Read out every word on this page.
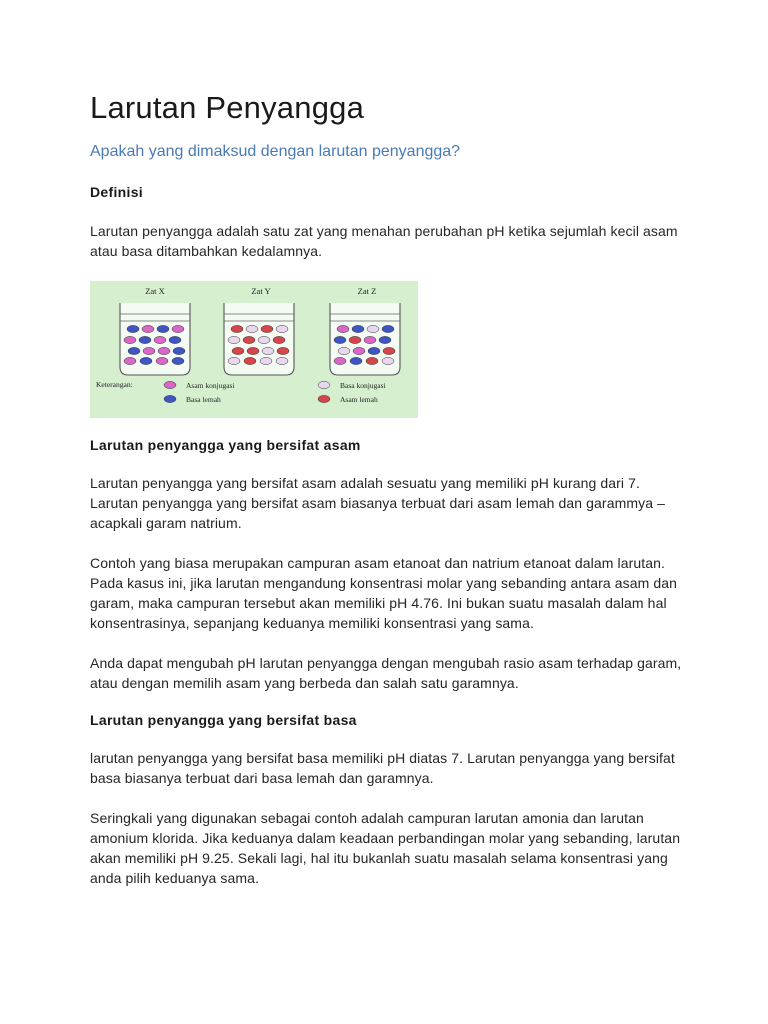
Larutan Penyangga
Apakah yang dimaksud dengan larutan penyangga?
Definisi

Larutan penyangga adalah satu zat yang menahan perubahan pH ketika sejumlah kecil asam atau basa ditambahkan kedalamnya.

Zat X	Zat Y	Zat Z
Keterangan:	Asam konjugasi
Basa lemah
Basa konjugasi
Asam lemah
Larutan penyangga yang bersifat asam

Larutan penyangga yang bersifat asam adalah sesuatu yang memiliki pH kurang dari 7. Larutan penyangga yang bersifat asam biasanya terbuat dari asam lemah dan garammya – acapkali garam natrium.

Contoh yang biasa merupakan campuran asam etanoat dan natrium etanoat dalam larutan. Pada kasus ini, jika larutan mengandung konsentrasi molar yang sebanding antara asam dan garam, maka campuran tersebut akan memiliki pH 4.76. Ini bukan suatu masalah dalam hal konsentrasinya, sepanjang keduanya memiliki konsentrasi yang sama.

Anda dapat mengubah pH larutan penyangga dengan mengubah rasio asam terhadap garam, atau dengan memilih asam yang berbeda dan salah satu garamnya.

Larutan penyangga yang bersifat basa

larutan penyangga yang bersifat basa memiliki pH diatas 7. Larutan penyangga yang bersifat basa biasanya terbuat dari basa lemah dan garamnya.

Seringkali yang digunakan sebagai contoh adalah campuran larutan amonia dan larutan amonium klorida. Jika keduanya dalam keadaan perbandingan molar yang sebanding, larutan akan memiliki pH 9.25. Sekali lagi, hal itu bukanlah suatu masalah selama konsentrasi yang anda pilih keduanya sama.
